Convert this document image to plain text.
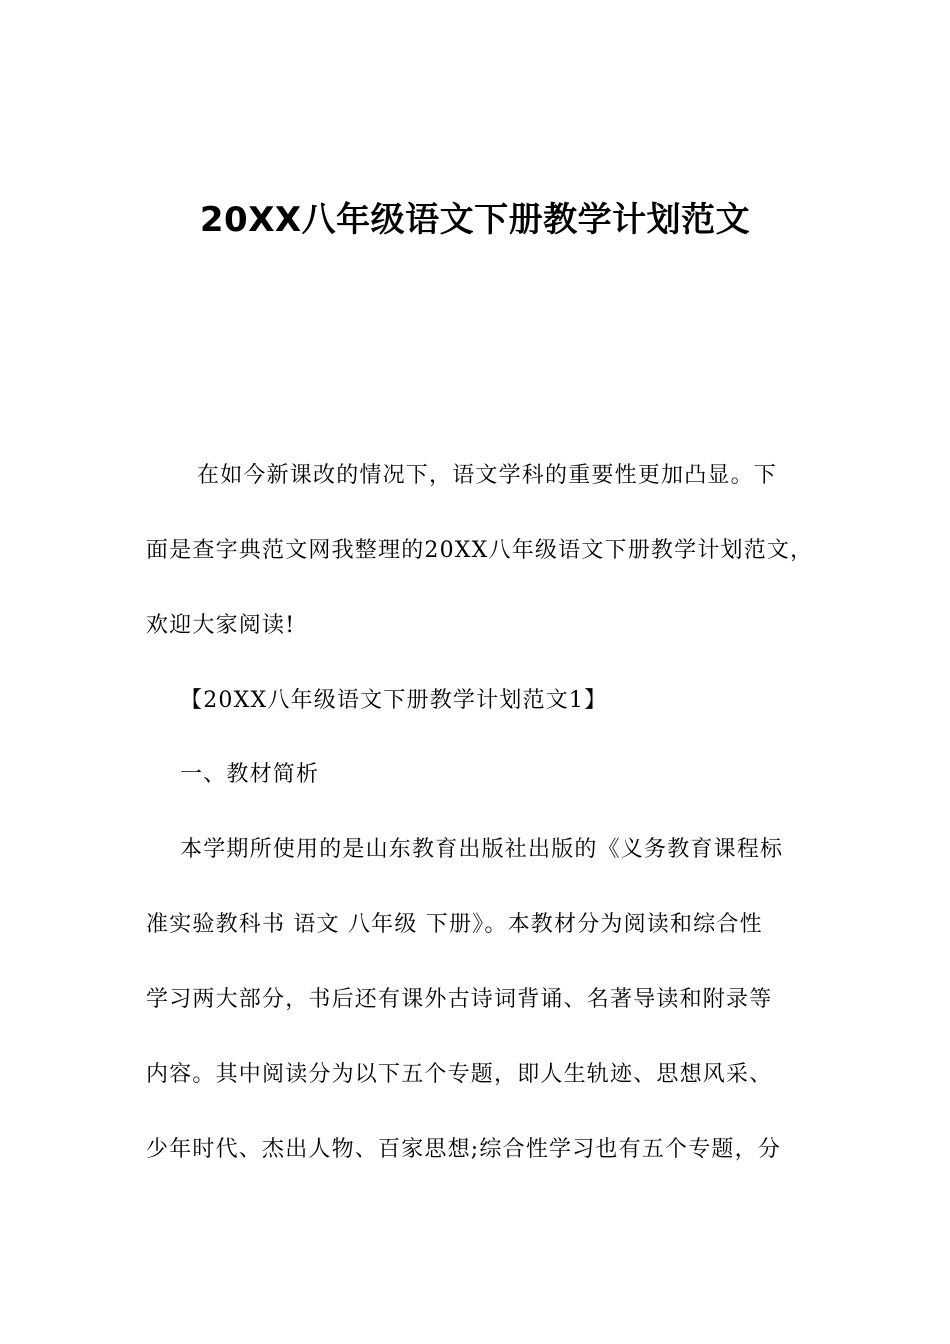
20XX八年级语文下册教学计划范文

在如今新课改的情况下，语文学科的重要性更加凸显。下

面是查字典范文网我整理的20XX八年级语文下册教学计划范文，

欢迎大家阅读!

【20XX八年级语文下册教学计划范文1】

一、教材简析

本学期所使用的是山东教育出版社出版的《义务教育课程标

准实验教科书 语文 八年级 下册》。本教材分为阅读和综合性

学习两大部分，书后还有课外古诗词背诵、名著导读和附录等

内容。其中阅读分为以下五个专题，即人生轨迹、思想风采、

少年时代、杰出人物、百家思想;综合性学习也有五个专题，分
